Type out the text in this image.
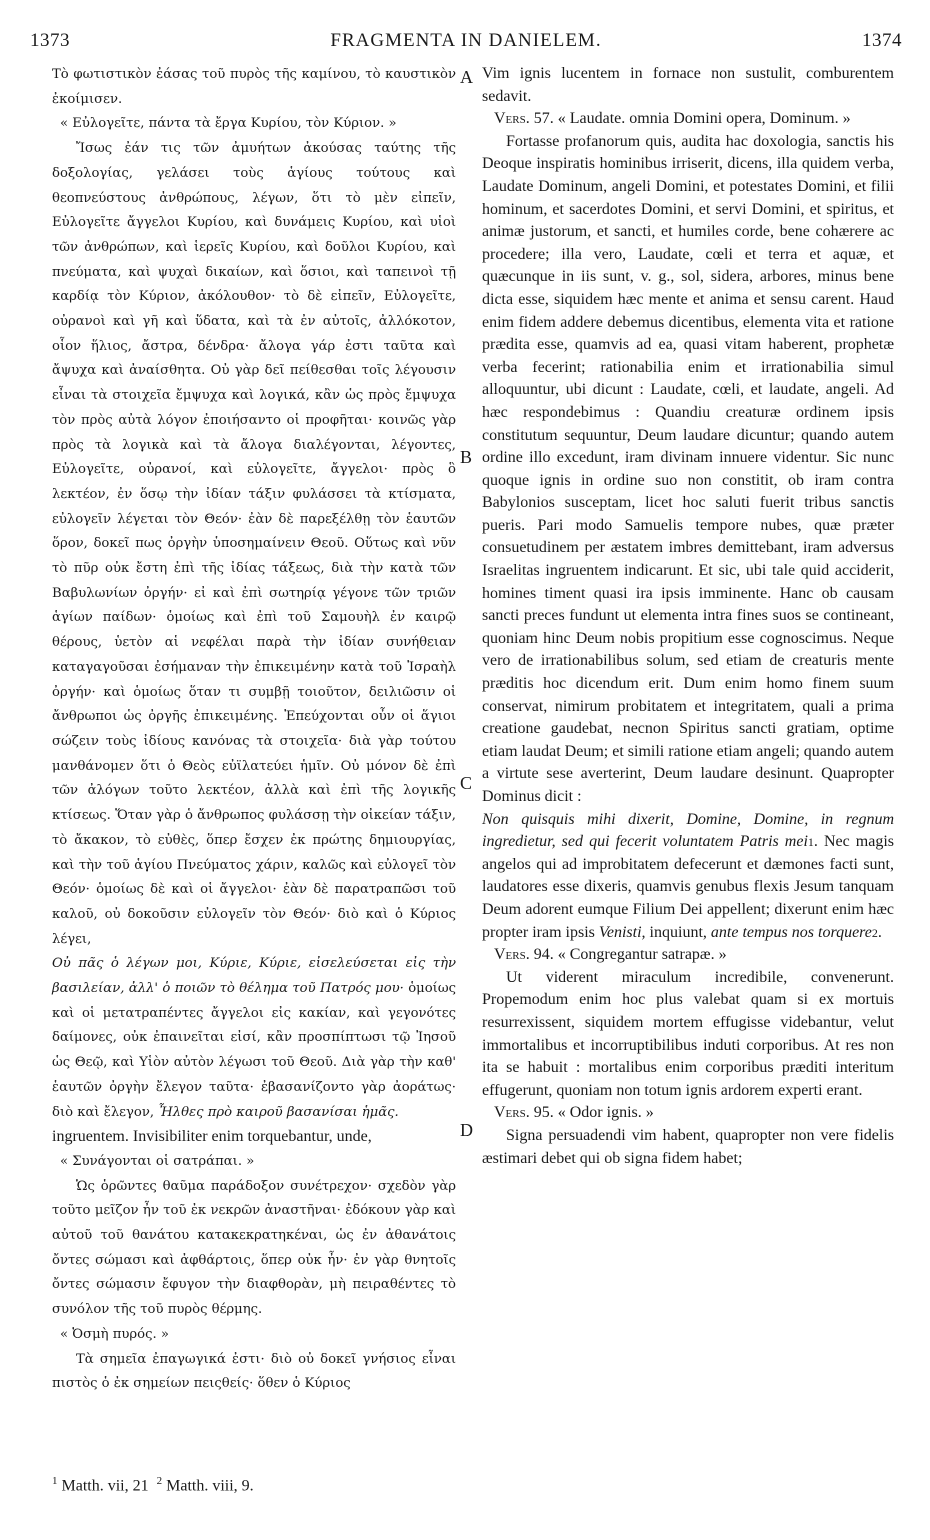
1373	FRAGMENTA IN DANIELEM.	1374

Τὸ φωτιστικὸν ἐάσας τοῦ πυρὸς τῆς καμίνου, τὸ καυστικὸν ἐκοίμισεν.

« Εὐλογεῖτε, πάντα τὰ ἔργα Κυρίου, τὸν Κύριον. »

Ἴσως ἐάν τις τῶν ἀμυήτων ἀκούσας ταύτης τῆς δοξολογίας, γελάσει τοὺς ἁγίους τούτους καὶ θεοπνεύστους ἀνθρώπους, λέγων, ὅτι τὸ μὲν εἰπεῖν, Εὐλογεῖτε ἄγγελοι Κυρίου, καὶ δυνάμεις Κυρίου, καὶ υἱοὶ τῶν ἀνθρώπων, καὶ ἱερεῖς Κυρίου, καὶ δοῦλοι Κυρίου, καὶ πνεύματα, καὶ ψυχαὶ δικαίων, καὶ ὅσιοι, καὶ ταπεινοὶ τῇ καρδίᾳ τὸν Κύριον, ἀκόλουθον· τὸ δὲ εἰπεῖν, Εὐλογεῖτε, οὐρανοὶ καὶ γῆ καὶ ὕδατα, καὶ τὰ ἐν αὐτοῖς, ἀλλόκοτον, οἷον ἥλιος, ἄστρα, δένδρα· ἄλογα γάρ ἐστι ταῦτα καὶ ἄψυχα καὶ ἀναίσθητα. Οὐ γὰρ δεῖ πείθεσθαι τοῖς λέγουσιν εἶναι τὰ στοιχεῖα ἔμψυχα καὶ λογικά, κἂν ὡς πρὸς ἔμψυχα τὸν πρὸς αὐτὰ λόγον ἐποιήσαντο οἱ προφῆται· κοινῶς γὰρ πρὸς τὰ λογικὰ καὶ τὰ ἄλογα διαλέγονται, λέγοντες, Εὐλογεῖτε, οὐρανοί, καὶ εὐλογεῖτε, ἄγγελοι· πρὸς ὃ λεκτέον, ἐν ὅσῳ τὴν ἰδίαν τάξιν φυλάσσει τὰ κτίσματα, εὐλογεῖν λέγεται τὸν Θεόν· ἐὰν δὲ παρεξέλθῃ τὸν ἑαυτῶν ὅρον, δοκεῖ πως ὀργὴν ὑποσημαίνειν Θεοῦ. Οὕτως καὶ νῦν τὸ πῦρ οὐκ ἔστη ἐπὶ τῆς ἰδίας τάξεως, διὰ τὴν κατὰ τῶν Βαβυλωνίων ὀργήν· εἰ καὶ ἐπὶ σωτηρίᾳ γέγονε τῶν τριῶν ἁγίων παίδων· ὁμοίως καὶ ἐπὶ τοῦ Σαμουὴλ ἐν καιρῷ θέρους, ὑετὸν αἱ νεφέλαι παρὰ τὴν ἰδίαν συνήθειαν καταγαγοῦσαι ἐσήμαναν τὴν ἐπικειμένην κατὰ τοῦ Ἰσραὴλ ὀργήν· καὶ ὁμοίως ὅταν τι συμβῇ τοιοῦτον, δειλιῶσιν οἱ ἄνθρωποι ὡς ὀργῆς ἐπικειμένης. Ἐπεύχονται οὖν οἱ ἅγιοι σώζειν τοὺς ἰδίους κανόνας τὰ στοιχεῖα· διὰ γὰρ τούτου μανθάνομεν ὅτι ὁ Θεὸς εὐϊλατεύει ἡμῖν. Οὐ μόνον δὲ ἐπὶ τῶν ἀλόγων τοῦτο λεκτέον, ἀλλὰ καὶ ἐπὶ τῆς λογικῆς κτίσεως. Ὅταν γὰρ ὁ ἄνθρωπος φυλάσσῃ τὴν οἰκείαν τάξιν, τὸ ἄκακον, τὸ εὐθὲς, ὅπερ ἔσχεν ἐκ πρώτης δημιουργίας, καὶ τὴν τοῦ ἁγίου Πνεύματος χάριν, καλῶς καὶ εὐλογεῖ τὸν Θεόν· ὁμοίως δὲ καὶ οἱ ἄγγελοι· ἐὰν δὲ παρατραπῶσι τοῦ καλοῦ, οὐ δοκοῦσιν εὐλογεῖν τὸν Θεόν· διὸ καὶ ὁ Κύριος λέγει,

Οὐ πᾶς ὁ λέγων μοι, Κύριε, Κύριε, εἰσελεύσεται εἰς τὴν βασιλείαν, ἀλλ' ὁ ποιῶν τὸ θέλημα τοῦ Πατρός μου· ὁμοίως καὶ οἱ μετατραπέντες ἄγγελοι εἰς κακίαν, καὶ γεγονότες δαίμονες, οὐκ ἐπαινεῖται εἰσί, κἂν προσπίπτωσι τῷ Ἰησοῦ ὡς Θεῷ, καὶ Υἱὸν αὐτὸν λέγωσι τοῦ Θεοῦ. Διὰ γὰρ τὴν καθ' ἑαυτῶν ὀργὴν ἔλεγον ταῦτα· ἐβασανίζοντο γὰρ ἀοράτως· διὸ καὶ ἔλεγον, Ἦλθες πρὸ καιροῦ βασανίσαι ἡμᾶς.

ingruentem. Invisibiliter enim torquebantur, unde,

« Συνάγονται οἱ σατράπαι. »

Ὡς ὁρῶντες θαῦμα παράδοξον συνέτρεχον· σχεδὸν γὰρ τοῦτο μεῖζον ἦν τοῦ ἐκ νεκρῶν ἀναστῆναι· ἐδόκουν γὰρ καὶ αὐτοῦ τοῦ θανάτου κατακεκρατηκέναι, ὡς ἐν ἀθανάτοις ὄντες σώμασι καὶ ἀφθάρτοις, ὅπερ οὐκ ἦν· ἐν γὰρ θνητοῖς ὄντες σώμασιν ἔφυγον τὴν διαφθορὰν, μὴ πειραθέντες τὸ συνόλον τῆς τοῦ πυρὸς θέρμης.

« Ὀσμὴ πυρός. »

Τὰ σημεῖα ἐπαγωγικά ἐστι· διὸ οὐ δοκεῖ γνήσιος εἶναι πιστὸς ὁ ἐκ σημείων πειςθείς· ὅθεν ὁ Κύριος

Vim ignis lucentem in fornace non sustulit, comburentem sedavit.

Vers. 57. « Laudate. omnia Domini opera, Dominum. »

Fortasse profanorum quis, audita hac doxologia, sanctis his Deoque inspiratis hominibus irriserit, dicens, illa quidem verba, Laudate Dominum, angeli Domini, et potestates Domini, et filii hominum, et sacerdotes Domini, et servi Domini, et spiritus, et animæ justorum, et sancti, et humiles corde, bene cohærere ac procedere; illa vero, Laudate, cœli et terra et aquæ, et quæcunque in iis sunt, v. g., sol, sidera, arbores, minus bene dicta esse, siquidem hæc mente et anima et sensu carent. Haud enim fidem addere debemus dicentibus, elementa vita et ratione prædita esse, quamvis ad ea, quasi vitam haberent, prophetæ verba fecerint; rationabilia enim et irrationabilia simul alloquuntur, ubi dicunt : Laudate, cœli, et laudate, angeli. Ad hæc respondebimus : Quandiu creaturæ ordinem ipsis constitutum sequuntur, Deum laudare dicuntur; quando autem ordine illo excedunt, iram divinam innuere videntur. Sic nunc quoque ignis in ordine suo non constitit, ob iram contra Babylonios susceptam, licet hoc saluti fuerit tribus sanctis pueris. Pari modo Samuelis tempore nubes, quæ præter consuetudinem per æstatem imbres demittebant, iram adversus Israelitas ingruentem indicarunt. Et sic, ubi tale quid acciderit, homines timent quasi ira ipsis imminente. Hanc ob causam sancti preces fundunt ut elementa intra fines suos se contineant, quoniam hinc Deum nobis propitium esse cognoscimus. Neque vero de irrationabilibus solum, sed etiam de creaturis mente præditis hoc dicendum erit. Dum enim homo finem suum conservat, nimirum probitatem et integritatem, quali a prima creatione gaudebat, necnon Spiritus sancti gratiam, optime etiam laudat Deum; et simili ratione etiam angeli; quando autem a virtute sese averterint, Deum laudare desinunt. Quapropter Dominus dicit :

Non quisquis mihi dixerit, Domine, Domine, in regnum ingredietur, sed qui fecerit voluntatem Patris mei$^1$. Nec magis angelos qui ad improbitatem defecerunt et dæmones facti sunt, laudatores esse dixeris, quamvis genubus flexis Jesum tanquam Deum adorent eumque Filium Dei appellent; dixerunt enim hæc propter iram ipsis Venisti, inquiunt, ante tempus nos torquere$^2$.

Vers. 94. « Congregantur satrapæ. »

Ut viderent miraculum incredibile, convenerunt. Propemodum enim hoc plus valebat quam si ex mortuis resurrexissent, siquidem mortem effugisse videbantur, velut immortalibus et incorruptibilibus induti corporibus. At res non ita se habuit : mortalibus enim corporibus præditi interitum effugerunt, quoniam non totum ignis ardorem experti erant.

Vers. 95. « Odor ignis. »

Signa persuadendi vim habent, quapropter non vere fidelis æstimari debet qui ob signa fidem habet;

A
B
C
D
$^1$ Matth. vii, 21 $^2$ Matth. viii, 9.
